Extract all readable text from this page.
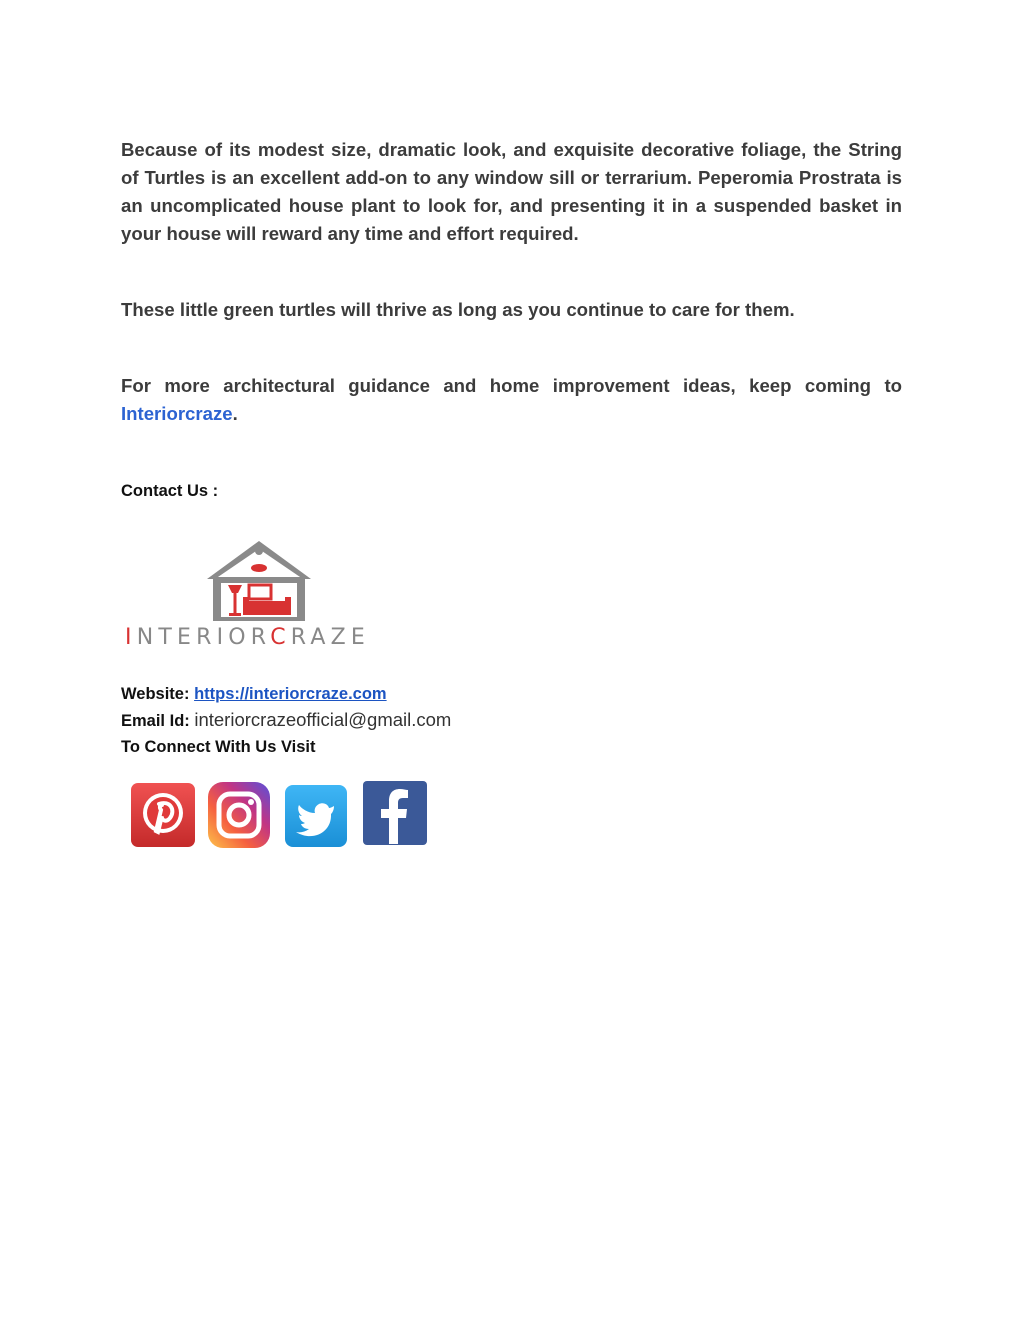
Because of its modest size, dramatic look, and exquisite decorative foliage, the String of Turtles is an excellent add-on to any window sill or terrarium. Peperomia Prostrata is an uncomplicated house plant to look for, and presenting it in a suspended basket in your house will reward any time and effort required.

These little green turtles will thrive as long as you continue to care for them.

For more architectural guidance and home improvement ideas, keep coming to Interiorcraze.

Contact Us :
INTERIORCRAZE
Website: https://interiorcraze.com
Email Id: interiorcrazeofficial@gmail.com
To Connect With Us Visit
